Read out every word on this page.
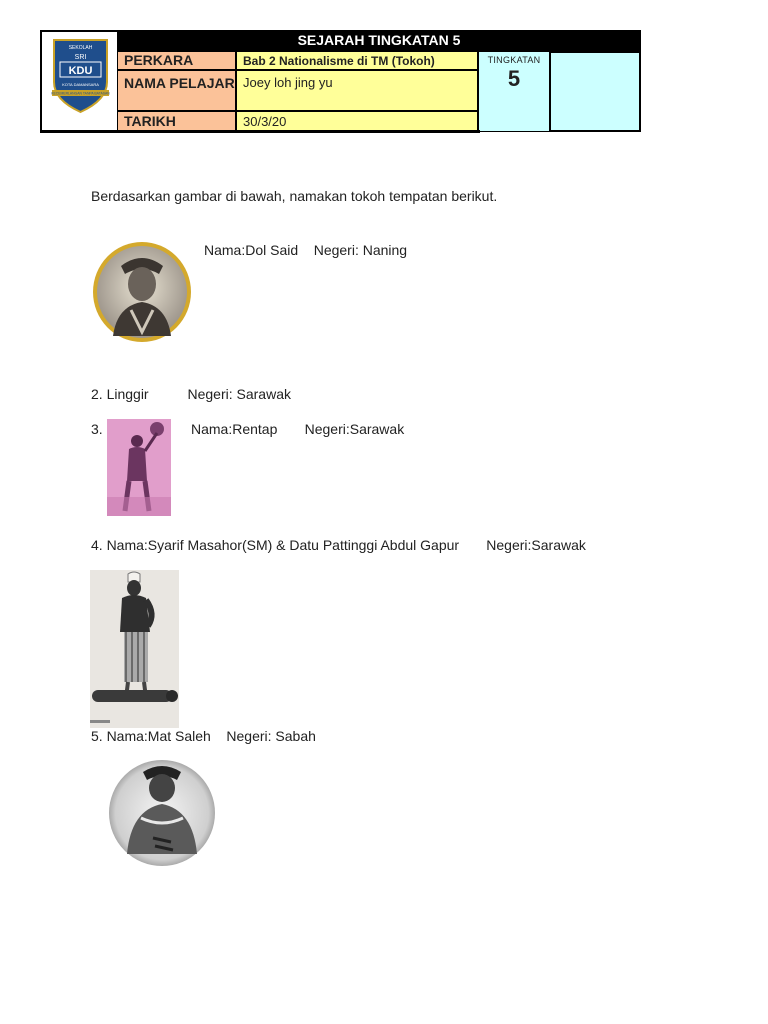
SEKOLAH
SRI
KDU
KOTA DAMANSARA
KECEMERLANGAN TANPA BATASAN
SEJARAH TINGKATAN 5
PERKARA	Bab 2 Nationalisme di TM (Tokoh)
NAMA PELAJAR Joey loh jing yu
TARIKH	30/3/20
TINGKATAN
5
Berdasarkan gambar di bawah, namakan tokoh tempatan berikut.
Nama:Dol Said    Negeri: Naning
2. Linggir          Negeri: Sarawak
3.	Nama:Rentap       Negeri:Sarawak
4. Nama:Syarif Masahor(SM) & Datu Pattinggi Abdul Gapur       Negeri:Sarawak
5. Nama:Mat Saleh    Negeri: Sabah
